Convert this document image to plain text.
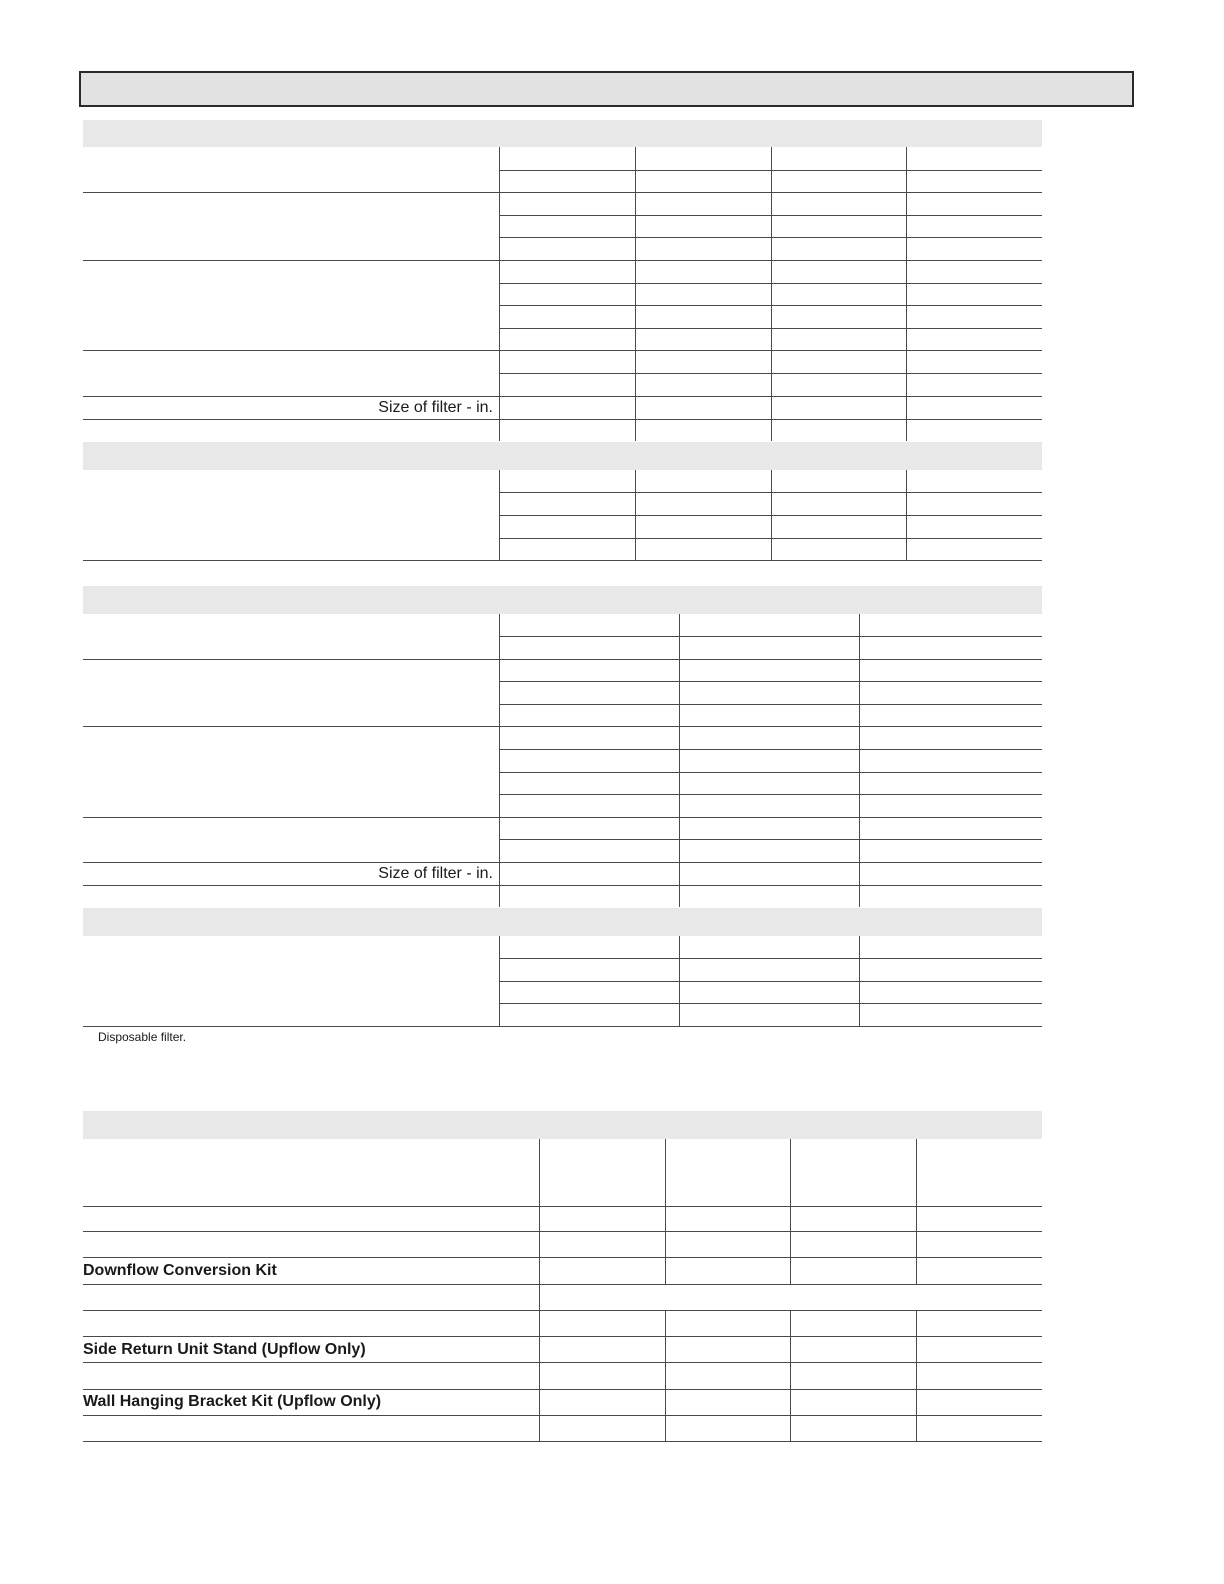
Size of filter - in.
Size of filter - in.
Disposable filter.
Downflow Conversion Kit
Side Return Unit Stand (Upflow Only)
Wall Hanging Bracket Kit (Upflow Only)
